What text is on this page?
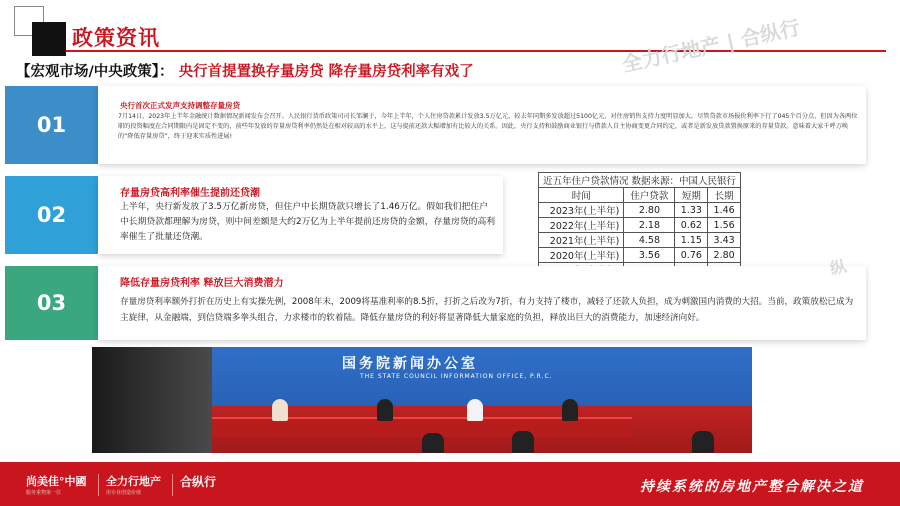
政策资讯
【宏观市场/中央政策】： 央行首提置换存量房贷 降存量房贷利率有戏了	全力行地产 | 合纵行
01
央行首次正式发声支持调整存量房贷
7月14日，2023年上半年金融统计数据情况新闻发布会召开。人民银行货币政策司司长邹澜于，今年上半年，个人住房贷款累计发放3.5万亿元，较去年同期多发放超过5100亿元，对住房销售支持力度明显加大。尽管贷款市场报价利率下行了045个百分点，但因为各两位职的投资幅度在合同期限内是固定不变的，前些年发放的存量房贷利率仍然处在相对较高的水平上，这与提前还款大幅增加有比较大的关系。因此，央行支持和鼓励商业银行与借款人自主协商变更合同约定，或者是新发放贷款置换原来的存量贷款。意味着大家千呼万唤的“降低存量房贷”，终于迎来实质性进展!
02
存量房贷高利率催生提前还贷潮
上半年，央行新发放了3.5万亿新房贷，但住户中长期贷款只增长了1.46万亿。假如我们把住户中长期贷款都理解为房贷，则中间差额是大约2万亿为上半年提前还房贷的金额，存量房贷的高利率催生了批量还贷潮。
近五年住户贷款情况 数据来源：中国人民银行			
时间	住户贷款	短期	长期
2023年(上半年)	2.80	1.33	1.46
2022年(上半年)	2.18	0.62	1.56
2021年(上半年)	4.58	1.15	3.43
2020年(上半年)	3.56	0.76	2.80

03
降低存量房贷利率 释放巨大消费潜力
存量房贷利率额外打折在历史上有实操先例，2008年末，2009将基准利率的8.5折，打折之后改为7折，有力支持了楼市，减轻了还款人负担，成为刺激国内消费的大招。当前，政策放松已成为主旋律，从金融端，到信贷端多拳头组合，力求楼市的软着陆。降低存量房贷的利好将显著降低大量家庭的负担，释放出巨大的消费能力，加速经济向好。
纵
国务院新闻办公室
THE STATE COUNCIL INFORMATION OFFICE, P.R.C.
尚美佳°中國
服务重物第一位
全力行地产
用专业创造价值
合纵行	持续系统的房地产整合解决之道
